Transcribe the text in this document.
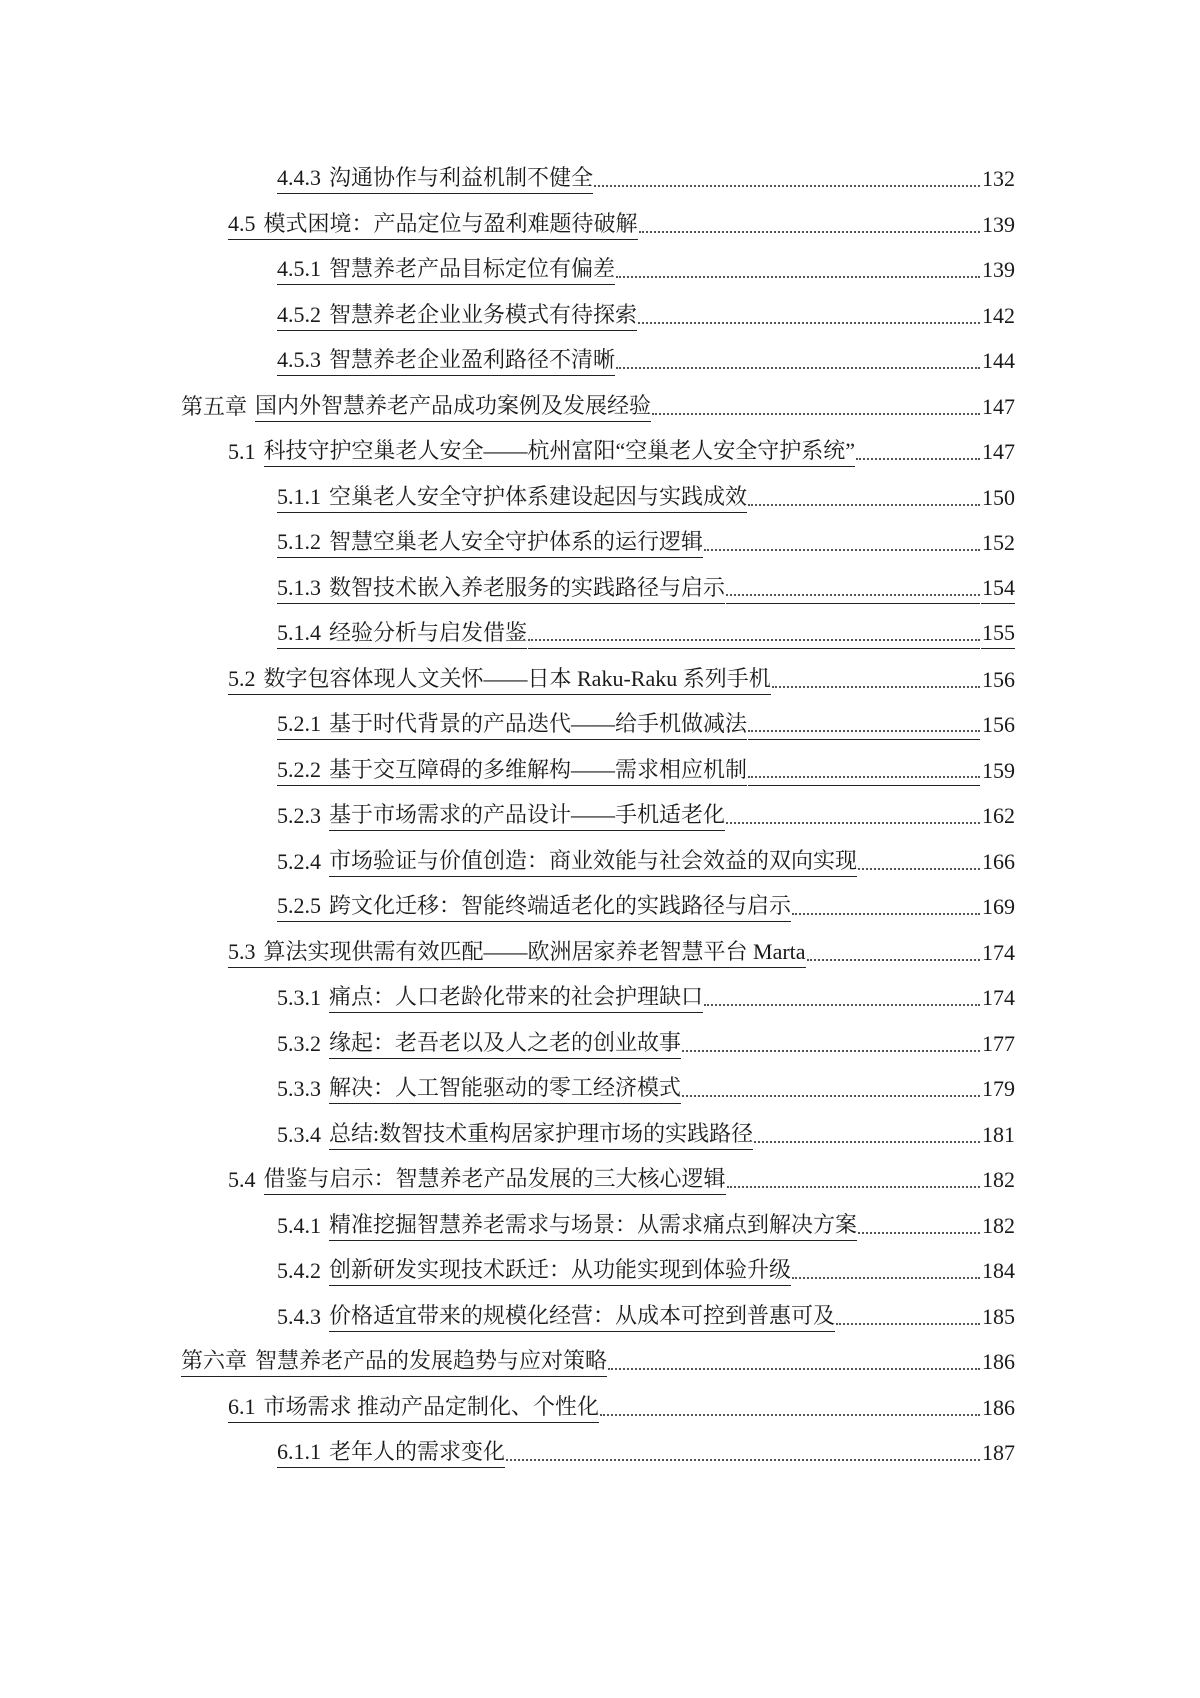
4.4.3 沟通协作与利益机制不健全	132
4.5 模式困境：产品定位与盈利难题待破解	139
4.5.1 智慧养老产品目标定位有偏差	139
4.5.2 智慧养老企业业务模式有待探索	142
4.5.3 智慧养老企业盈利路径不清晰	144
第五章 国内外智慧养老产品成功案例及发展经验	147
5.1 科技守护空巢老人安全——杭州富阳“空巢老人安全守护系统”	147
5.1.1 空巢老人安全守护体系建设起因与实践成效	150
5.1.2 智慧空巢老人安全守护体系的运行逻辑	152
5.1.3 数智技术嵌入养老服务的实践路径与启示	154
5.1.4 经验分析与启发借鉴	155
5.2 数字包容体现人文关怀——日本 Raku-Raku 系列手机	156
5.2.1 基于时代背景的产品迭代——给手机做减法	156
5.2.2 基于交互障碍的多维解构——需求相应机制	159
5.2.3 基于市场需求的产品设计——手机适老化	162
5.2.4 市场验证与价值创造：商业效能与社会效益的双向实现	166
5.2.5 跨文化迁移：智能终端适老化的实践路径与启示	169
5.3 算法实现供需有效匹配——欧洲居家养老智慧平台 Marta	174
5.3.1 痛点：人口老龄化带来的社会护理缺口	174
5.3.2 缘起：老吾老以及人之老的创业故事	177
5.3.3 解决：人工智能驱动的零工经济模式	179
5.3.4 总结:数智技术重构居家护理市场的实践路径	181
5.4 借鉴与启示：智慧养老产品发展的三大核心逻辑	182
5.4.1 精准挖掘智慧养老需求与场景：从需求痛点到解决方案	182
5.4.2 创新研发实现技术跃迁：从功能实现到体验升级	184
5.4.3 价格适宜带来的规模化经营：从成本可控到普惠可及	185
第六章 智慧养老产品的发展趋势与应对策略	186
6.1 市场需求 推动产品定制化、个性化	186
6.1.1 老年人的需求变化	187
